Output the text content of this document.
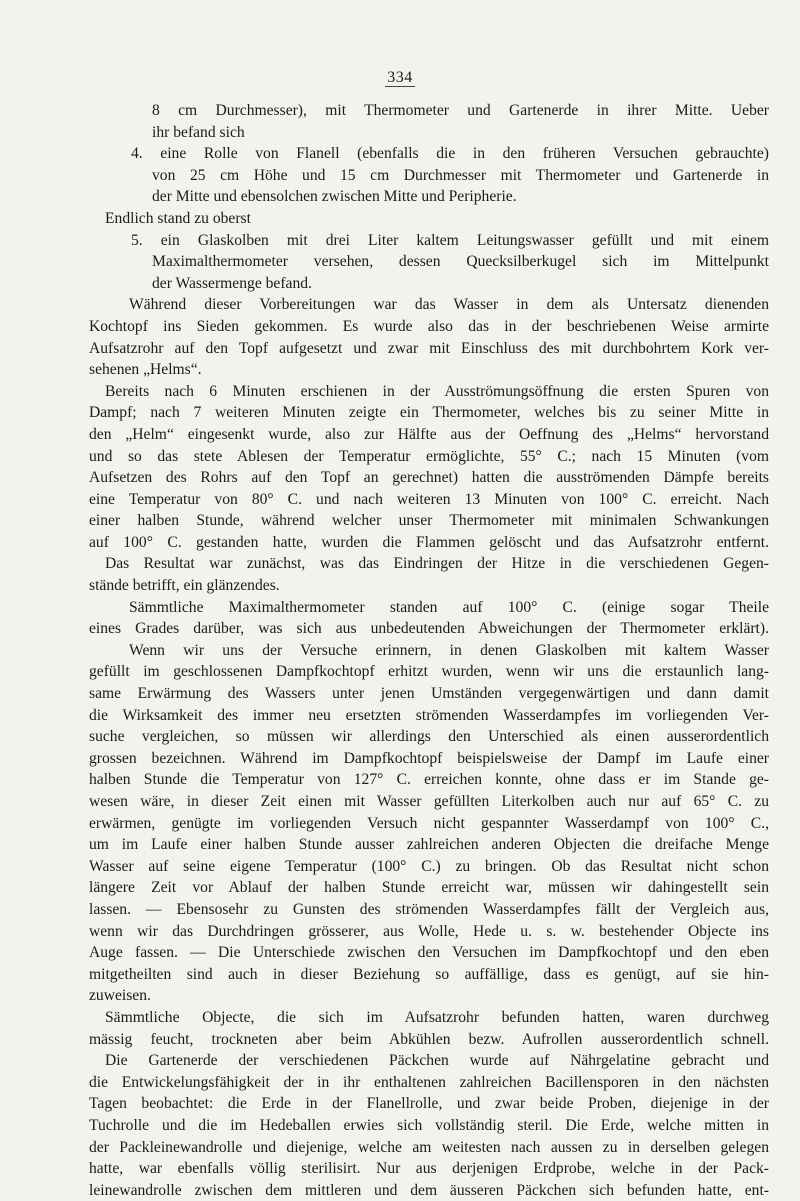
334
8 cm Durchmesser), mit Thermometer und Gartenerde in ihrer Mitte. Ueber
ihr befand sich
4. eine Rolle von Flanell (ebenfalls die in den früheren Versuchen gebrauchte)
von 25 cm Höhe und 15 cm Durchmesser mit Thermometer und Gartenerde in
der Mitte und ebensolchen zwischen Mitte und Peripherie.
Endlich stand zu oberst
5. ein Glaskolben mit drei Liter kaltem Leitungswasser gefüllt und mit einem
Maximalthermometer versehen, dessen Quecksilberkugel sich im Mittelpunkt
der Wassermenge befand.
Während dieser Vorbereitungen war das Wasser in dem als Untersatz dienenden
Kochtopf ins Sieden gekommen. Es wurde also das in der beschriebenen Weise armirte
Aufsatzrohr auf den Topf aufgesetzt und zwar mit Einschluss des mit durchbohrtem Kork ver-
sehenen „Helms“.
Bereits nach 6 Minuten erschienen in der Ausströmungsöffnung die ersten Spuren von
Dampf; nach 7 weiteren Minuten zeigte ein Thermometer, welches bis zu seiner Mitte in
den „Helm“ eingesenkt wurde, also zur Hälfte aus der Oeffnung des „Helms“ hervorstand
und so das stete Ablesen der Temperatur ermöglichte, 55° C.; nach 15 Minuten (vom
Aufsetzen des Rohrs auf den Topf an gerechnet) hatten die ausströmenden Dämpfe bereits
eine Temperatur von 80° C. und nach weiteren 13 Minuten von 100° C. erreicht. Nach
einer halben Stunde, während welcher unser Thermometer mit minimalen Schwankungen
auf 100° C. gestanden hatte, wurden die Flammen gelöscht und das Aufsatzrohr entfernt.
Das Resultat war zunächst, was das Eindringen der Hitze in die verschiedenen Gegen-
stände betrifft, ein glänzendes.
Sämmtliche Maximalthermometer standen auf 100° C. (einige sogar Theile
eines Grades darüber, was sich aus unbedeutenden Abweichungen der Thermometer erklärt).
Wenn wir uns der Versuche erinnern, in denen Glaskolben mit kaltem Wasser
gefüllt im geschlossenen Dampfkochtopf erhitzt wurden, wenn wir uns die erstaunlich lang-
same Erwärmung des Wassers unter jenen Umständen vergegenwärtigen und dann damit
die Wirksamkeit des immer neu ersetzten strömenden Wasserdampfes im vorliegenden Ver-
suche vergleichen, so müssen wir allerdings den Unterschied als einen ausserordentlich
grossen bezeichnen. Während im Dampfkochtopf beispielsweise der Dampf im Laufe einer
halben Stunde die Temperatur von 127° C. erreichen konnte, ohne dass er im Stande ge-
wesen wäre, in dieser Zeit einen mit Wasser gefüllten Literkolben auch nur auf 65° C. zu
erwärmen, genügte im vorliegenden Versuch nicht gespannter Wasserdampf von 100° C.,
um im Laufe einer halben Stunde ausser zahlreichen anderen Objecten die dreifache Menge
Wasser auf seine eigene Temperatur (100° C.) zu bringen. Ob das Resultat nicht schon
längere Zeit vor Ablauf der halben Stunde erreicht war, müssen wir dahingestellt sein
lassen. — Ebensosehr zu Gunsten des strömenden Wasserdampfes fällt der Vergleich aus,
wenn wir das Durchdringen grösserer, aus Wolle, Hede u. s. w. bestehender Objecte ins
Auge fassen. — Die Unterschiede zwischen den Versuchen im Dampfkochtopf und den eben
mitgetheilten sind auch in dieser Beziehung so auffällige, dass es genügt, auf sie hin-
zuweisen.
Sämmtliche Objecte, die sich im Aufsatzrohr befunden hatten, waren durchweg
mässig feucht, trockneten aber beim Abkühlen bezw. Aufrollen ausserordentlich schnell.
Die Gartenerde der verschiedenen Päckchen wurde auf Nährgelatine gebracht und
die Entwickelungsfähigkeit der in ihr enthaltenen zahlreichen Bacillensporen in den nächsten
Tagen beobachtet: die Erde in der Flanellrolle, und zwar beide Proben, diejenige in der
Tuchrolle und die im Hedeballen erwies sich vollständig steril. Die Erde, welche mitten in
der Packleinewandrolle und diejenige, welche am weitesten nach aussen zu in derselben gelegen
hatte, war ebenfalls völlig sterilisirt. Nur aus derjenigen Erdprobe, welche in der Pack-
leinewandrolle zwischen dem mittleren und dem äusseren Päckchen sich befunden hatte, ent-
